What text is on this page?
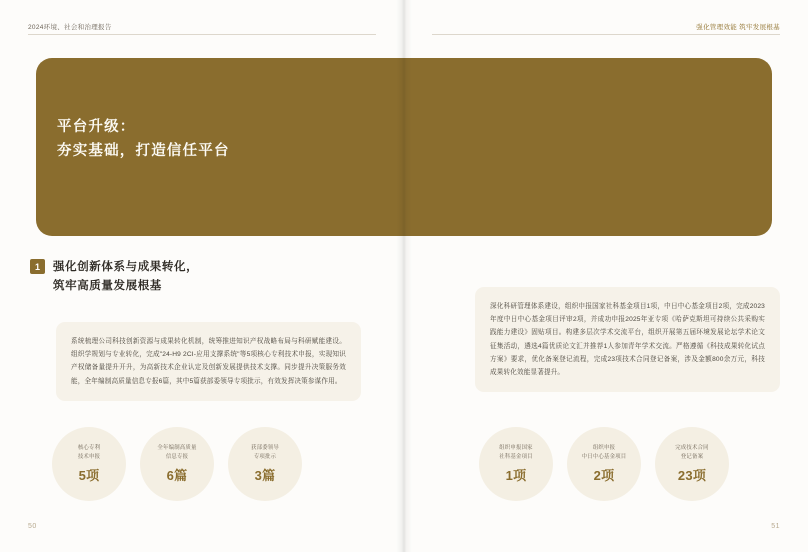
2024环境、社会和治理报告
50
强化管理效能 筑牢发展根基
51
平台升级：
夯实基础，打造信任平台
1	强化创新体系与成果转化，
筑牢高质量发展根基

系统梳理公司科技创新资源与成果转化机制，统筹推进知识产权战略布局与科研赋能建设。组织学规划与专业转化，完成"24-H9 2CI-应用支撑系统"等5项核心专利技术申报，实现知识产权储备量提升开升，为高新技术企业认定及创新发展提供技术支撑。同步提升决策服务效能，全年编制高质量信息专报6篇，其中5篇获部委领导专项批示，有效发挥决策参谋作用。

深化科研管理体系建设，组织申报国家社科基金项目1项，中日中心基金项目2项，完成2023年度中日中心基金项目评审2项，并成功申报2025年亚专项《哈萨克斯坦可持续公共采购实践能力建设》固贴项目。构建多层次学术交流平台，组织开展第五届环境发展论坛学术论文征集活动，遴选4篇优质论文汇并推荐1人参加青年学术交流。严格遵循《科技成果转化试点方案》要求，优化备案登记流程，完成23项技术合同登记备案，涉及金额800余万元，科技成果转化效能显著提升。

核心专利
技术申报
5项
全年编制高质量
信息专报
6篇
获部委领导
专项批示
3篇
组织申报国家
社科基金项目
1项
组织申报
中日中心基金项目
2项
完成技术合同
登记备案
23项
